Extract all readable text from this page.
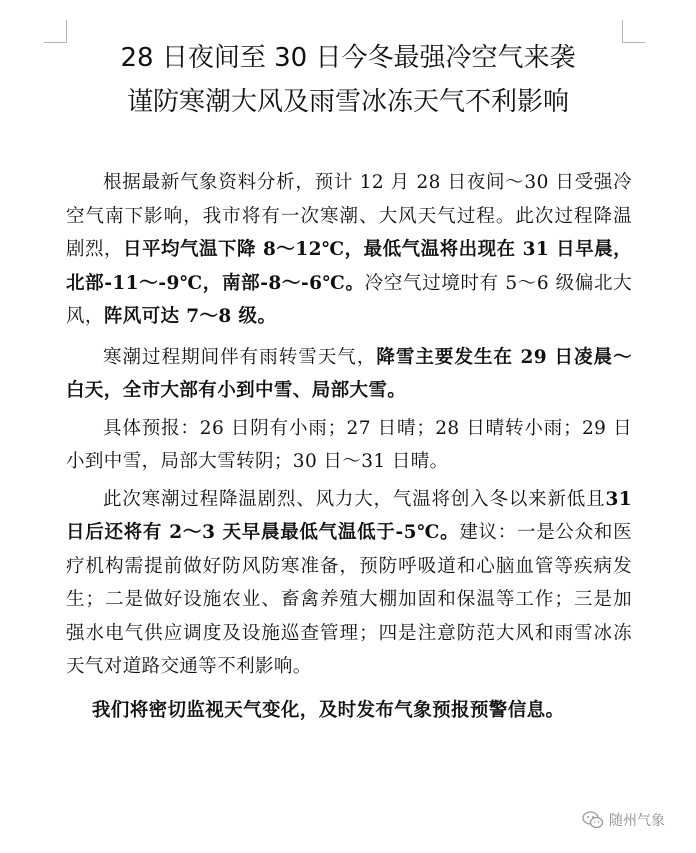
28 日夜间至 30 日今冬最强冷空气来袭
谨防寒潮大风及雨雪冰冻天气不利影响

根据最新气象资料分析，预计 12 月 28 日夜间～30 日受强冷空气南下影响，我市将有一次寒潮、大风天气过程。此次过程降温剧烈，日平均气温下降 8～12℃，最低气温将出现在 31 日早晨，北部-11～-9℃，南部-8～-6℃。冷空气过境时有 5～6 级偏北大风，阵风可达 7～8 级。

寒潮过程期间伴有雨转雪天气，降雪主要发生在 29 日凌晨～白天，全市大部有小到中雪、局部大雪。

具体预报：26 日阴有小雨；27 日晴；28 日晴转小雨；29 日小到中雪，局部大雪转阴；30 日～31 日晴。

此次寒潮过程降温剧烈、风力大，气温将创入冬以来新低且31 日后还将有 2～3 天早晨最低气温低于-5℃。建议：一是公众和医疗机构需提前做好防风防寒准备，预防呼吸道和心脑血管等疾病发生；二是做好设施农业、畜禽养殖大棚加固和保温等工作；三是加强水电气供应调度及设施巡查管理；四是注意防范大风和雨雪冰冻天气对道路交通等不利影响。

我们将密切监视天气变化，及时发布气象预报预警信息。

随州气象
